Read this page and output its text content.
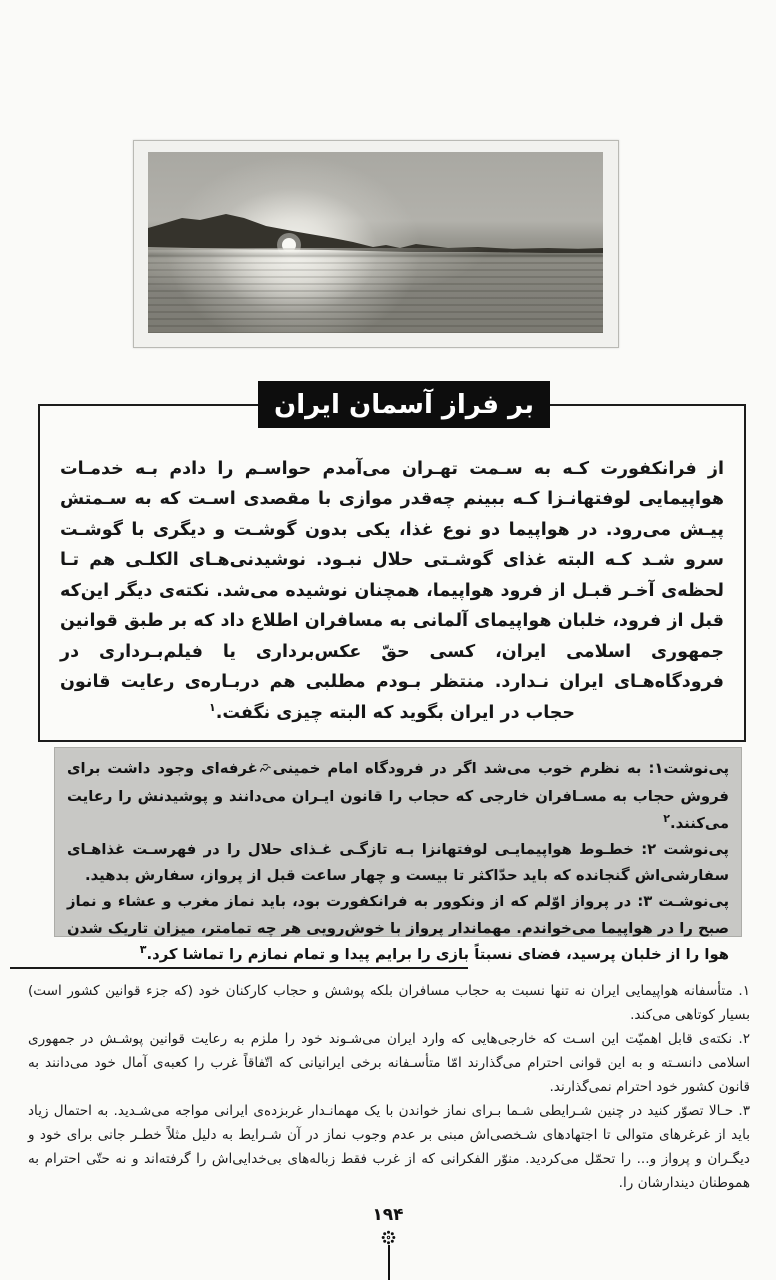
بر فراز آسمان ایران

از فرانکفورت کـه به سـمت تهـران می‌آمدم حواسـم را دادم بـه خدمـات هواپیمایی لوفتهانـزا کـه ببینم چه‌قدر موازی با مقصدی اسـت که به سـمتش پیـش می‌رود. در هواپیما دو نوع غذا، یکی بدون گوشـت و دیگری با گوشـت سرو شـد کـه البته غذای گوشـتی حلال نبـود. نوشیدنی‌هـای الکلـی هم تـا لحظه‌ی آخـر قبـل از فرود هواپیما، همچنان نوشیده می‌شد. نکته‌ی دیگر این‌که قبل از فرود، خلبان هواپیمای آلمانی به مسافران اطلاع داد که بر طبق قوانین جمهوری اسلامی ایران، کسی حقّ عکس‌برداری یا فیلم‌بـرداری در فرودگاه‌هـای ایران نـدارد. منتظر بـودم مطلبی هم دربـاره‌ی رعایت قانون حجاب در ایران بگوید که البته چیزی نگفت.$^۱$

پی‌نوشت۱: به نظرم خوب می‌شد اگر در فرودگاه امام خمینیغرفه‌ای وجود داشت برای فروش حجاب به مسـافران خارجی که حجاب را قانون ایـران می‌دانند و پوشیدنش را رعایت می‌کنند.$^۲$

پی‌نوشت ۲: خطـوط هواپیمایـی لوفتهانزا بـه تازگـی غـذای حلال را در فهرسـت غذاهـای سفارشی‌اش گنجانده که باید حدّاکثر تا بیست و چهار ساعت قبل از پرواز، سفارش بدهید.

پی‌نوشـت ۳: در پرواز اوّلم که از ونکوور به فرانکفورت بود، باید نماز مغرب و عشاء و نماز صبح را در هواپیما می‌خواندم. مهماندار پرواز با خوش‌رویی هر چه تمامتر، میزان تاریک شدن هوا را از خلبان پرسید، فضای نسبتاً بازی را برایم پیدا و تمام نمازم را تماشا کرد.$^۳$

۱. متأسفانه هواپیمایی ایران نه تنها نسبت به حجاب مسافران بلکه پوشش و حجاب کارکنان خود (که جزء قوانین کشور است) بسیار کوتاهی می‌کند.

۲. نکته‌ی قابل اهمیّت این اسـت که خارجی‌هایی که وارد ایران می‌شـوند خود را ملزم به رعایت قوانین پوشـش در جمهوری اسلامی دانسـته و به این قوانی احترام می‌گذارند امّا متأسـفانه برخی ایرانیانی که اتّفاقاً غرب را کعبه‌ی آمال خود می‌دانند به قانون کشور خود احترام نمی‌گذارند.

۳. حـالا تصوّر کنید در چنین شـرایطی شـما بـرای نماز خواندن با یک مهمانـدار غربزده‌ی ایرانی مواجه می‌شـدید. به احتمال زیاد باید از غرغرهای متوالی تا اجتهادهای شـخصی‌اش مبنی بر عدم وجوب نماز در آن شـرایط به دلیل مثلاً خطـر جانی برای خود و دیگـران و پرواز و... را تحمّل می‌کردید. منوّر الفکرانی که از غرب فقط زباله‌های بی‌خدایی‌اش را گرفته‌اند و نه حتّی احترام به هموطنان دیندارشان را.

۱۹۴
